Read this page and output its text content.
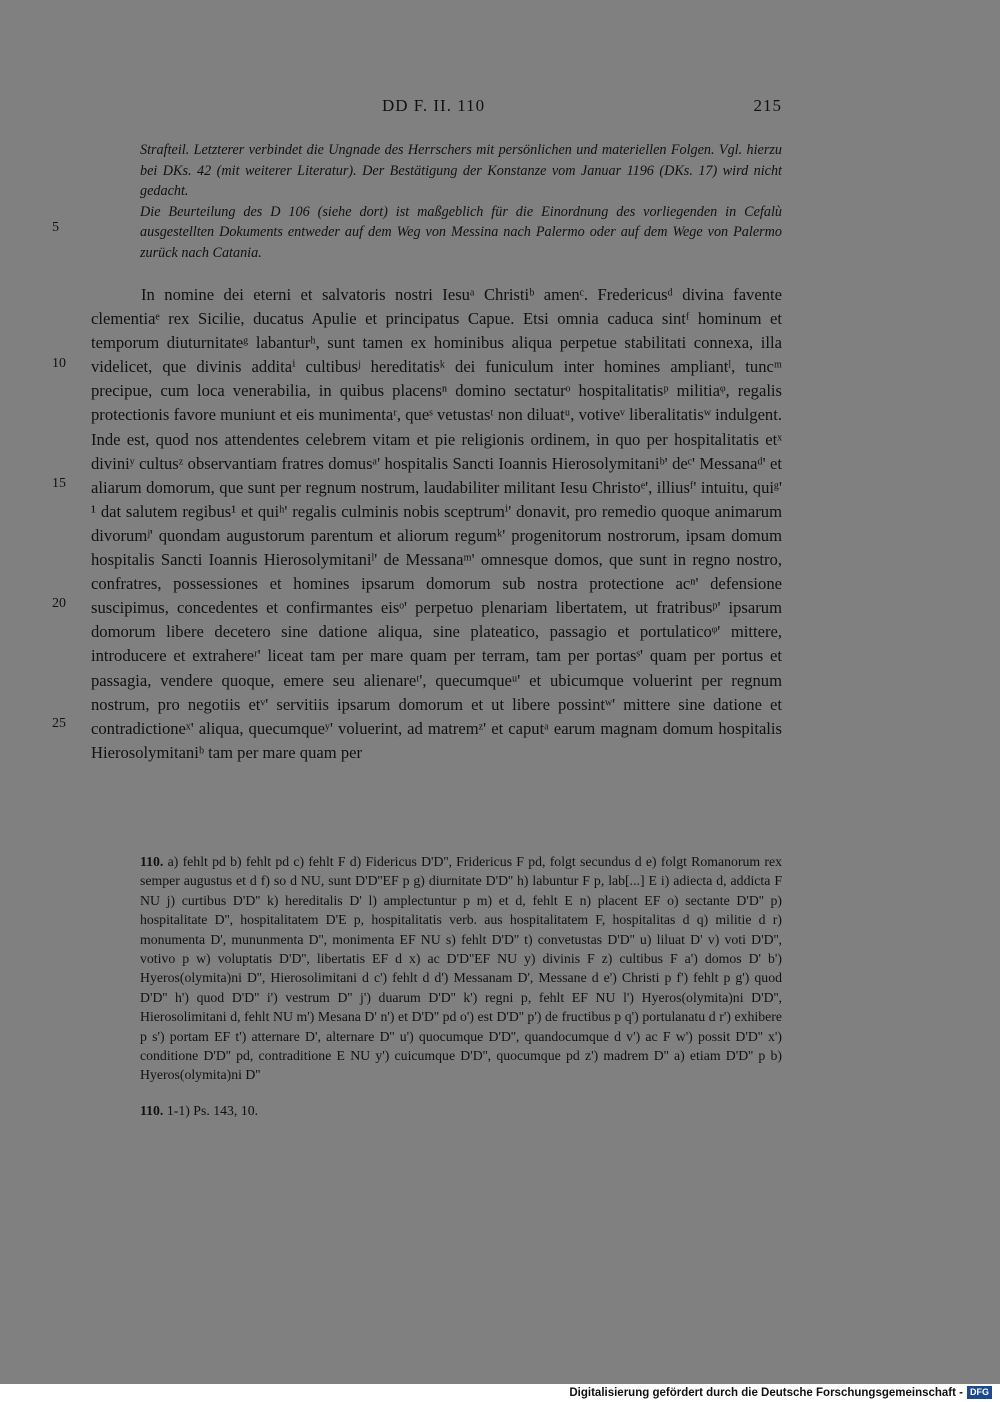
DD F. II. 110	215

Strafteil. Letzterer verbindet die Ungnade des Herrschers mit persönlichen und materiellen Folgen. Vgl. hierzu bei DKs. 42 (mit weiterer Literatur). Der Bestätigung der Konstanze vom Januar 1196 (DKs. 17) wird nicht gedacht.

Die Beurteilung des D 106 (siehe dort) ist maßgeblich für die Einordnung des vorliegenden in Cefalù ausgestellten Dokuments entweder auf dem Weg von Messina nach Palermo oder auf dem Wege von Palermo zurück nach Catania.

5
10
15
20
25

In nomine dei eterni et salvatoris nostri Iesuᵃ Christiᵇ amenᶜ. Fredericusᵈ divina favente clementiaᵉ rex Sicilie, ducatus Apulie et principatus Capue. Etsi omnia caduca sintᶠ hominum et temporum diuturnitateᵍ labanturʰ, sunt tamen ex hominibus aliqua perpetue stabilitati connexa, illa videlicet, que divinis additaⁱ cultibusʲ hereditatisᵏ dei funiculum inter homines ampliantˡ, tuncᵐ precipue, cum loca venerabilia, in quibus placensⁿ domino sectaturᵒ hospitalitatisᵖ militiaᵠ, regalis protectionis favore muniunt et eis munimentaʳ, queˢ vetustasᵗ non diluatᵘ, votiveᵛ liberalitatisʷ indulgent. Inde est, quod nos attendentes celebrem vitam et pie religionis ordinem, in quo per hospitalitatis etˣ diviniʸ cultusᶻ observantiam fratres domusᵃ' hospitalis Sancti Ioannis Hierosolymitaniᵇ' deᶜ' Messanaᵈ' et aliarum domorum, que sunt per regnum nostrum, laudabiliter militant Iesu Christoᵉ', illiusᶠ' intuitu, quiᵍ' ¹ dat salutem regibus¹ et quiʰ' regalis culminis nobis sceptrumⁱ' donavit, pro remedio quoque animarum divorumʲ' quondam augustorum parentum et aliorum regumᵏ' progenitorum nostrorum, ipsam domum hospitalis Sancti Ioannis Hierosolymitaniˡ' de Messanaᵐ' omnesque domos, que sunt in regno nostro, confratres, possessiones et homines ipsarum domorum sub nostra protectione acⁿ' defensione suscipimus, concedentes et confirmantes eisᵒ' perpetuo plenariam libertatem, ut fratribusᵖ' ipsarum domorum libere decetero sine datione aliqua, sine plateatico, passagio et portulaticoᵠ' mittere, introducere et extrahereʳ' liceat tam per mare quam per terram, tam per portasˢ' quam per portus et passagia, vendere quoque, emere seu alienareᵗ', quecumqueᵘ' et ubicumque voluerint per regnum nostrum, pro negotiis etᵛ' servitiis ipsarum domorum et ut libere possintʷ' mittere sine datione et contradictioneˣ' aliqua, quecumqueʸ' voluerint, ad matremᶻ' et caputᵃ earum magnam domum hospitalis Hierosolymitaniᵇ tam per mare quam per

110. a) fehlt pd b) fehlt pd c) fehlt F d) Fidericus D'D'', Fridericus F pd, folgt secundus d e) folgt Romanorum rex semper augustus et d f) so d NU, sunt D'D''EF p g) diurnitate D'D'' h) labuntur F p, lab[...] E i) adiecta d, addicta F NU j) curtibus D'D'' k) hereditalis D' l) amplectuntur p m) et d, fehlt E n) placent EF o) sectante D'D'' p) hospitalitate D'', hospitalitatem D'E p, hospitalitatis verb. aus hospitalitatem F, hospitalitas d q) militie d r) monumenta D', mununmenta D'', monimenta EF NU s) fehlt D'D'' t) convetustas D'D'' u) liluat D' v) voti D'D'', votivo p w) voluptatis D'D'', libertatis EF d x) ac D'D''EF NU y) divinis F z) cultibus F a') domos D' b') Hyeros(olymita)ni D'', Hierosolimitani d c') fehlt d d') Messanam D', Messane d e') Christi p f') fehlt p g') quod D'D'' h') quod D'D'' i') vestrum D'' j') duarum D'D'' k') regni p, fehlt EF NU l') Hyeros(olymita)ni D'D'', Hierosolimitani d, fehlt NU m') Mesana D' n') et D'D'' pd o') est D'D'' p') de fructibus p q') portulanatu d r') exhibere p s') portam EF t') atternare D', alternare D'' u') quocumque D'D'', quandocumque d v') ac F w') possit D'D'' x') conditione D'D'' pd, contraditione E NU y') cuicumque D'D'', quocumque pd z') madrem D'' a) etiam D'D'' p b) Hyeros(olymita)ni D''

110. 1-1) Ps. 143, 10.

Digitalisierung gefördert durch die Deutsche Forschungsgemeinschaft - DFG
